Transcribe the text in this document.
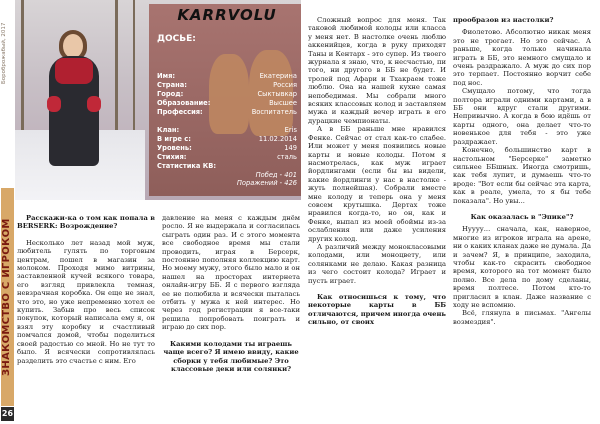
Бороброжабый, 2017
ЗНАКОМСТВО С ИГРОКОМ
26
KARRVOLU
ДОСЬЕ:
Имя:	Екатерина
Страна:	Россия
Город:	Сыктывкар
Образование:	Высшее
Профессия:	Воспитатель
Клан:	Eris
В игре с:	11.02.2014
Уровень:	149
Стихия:	сталь
Статистика КВ:
Побед - 401
Поражений - 426

Расскажи-ка о том как попала в BERSERK: Возрождение?

Несколько лет назад мой муж, любитель гулять по торговым центрам, пошел в магазин за молоком. Проходя мимо витрины, заставленной кучей всякого товара, его взгляд привлекла темная, невзрачная коробка. Он еще не знал, что это, но уже непременно хотел ее купить. Забыв про весь список покупок, который написала ему я, он взял эту коробку и счастливый помчался домой, чтобы поделиться своей радостью со мной. Но не тут то было. Я всячески сопротивлялась разделить это счастье с ним. Его

давление на меня с каждым днём росло. Я не выдержала и согласилась сыграть один раз. И с этого момента все свободное время мы стали проводить, играя в Берсерк, постоянно пополняя коллекцию карт. Но моему мужу, этого было мало и он нашел на просторах интернета онлайн-игру ББ. Я с первого взгляда ее не полюбила и всячески пыталась отбить у мужа к ней интерес. Но через год регистрации я все-таки решила попробовать поиграть и играю до сих пор.

Какими колодами ты играешь чаще всего? Я имею ввиду, какие сборки у тебя любимые? Это классовые деки или солянки?

Сложный вопрос для меня. Так таковой любимой колоды или класса у меня нет. В настолке очень люблю аккенийцев, когда в руку приходят Таны и Кентарх - это супер. Из твоего журнала я знаю, что, к несчастью, пи того, ни другого в ББ не будет. И тролей под Афари и Тхакраем тоже люблю. Она на нашей кухне самая непобедимая. Мы собрали много всяких классовых колод и заставляем мужа и каждый вечер играть в его дурацкие чемпионаты.

А в ББ раньше мне нравился Фенке. Сейчас от стал как-то слабее. Или может у меня появились новые карты и новые колоды. Потом я насмотрелась, как муж играет йордлингами (если бы вы видели, какие йордлинги у нас в настолке - жуть полнейшая). Собрали вместе мне колоду и теперь она у меня совсем крутышка. Дертах тоже нравился когда-то, но он, как и Фенке, выпал из моей обоймы из-за ослабления или даже усиления других колод.

А различий между монокласовыми колодами, или моноцвету, или солянками не делаю. Какая разница из чего состоит колода? Играет и пусть играет.

Как относишься к тому, что некоторые карты в ББ отличаются, причем иногда очень сильно, от своих

прообразов из настолки?

Фиолетово. Абсолютно никак меня это не трогает. Но это сейчас. А раньше, когда только начинала играть в ББ, это немного смущало и очень раздражало. А муж до сих пор это терпает. Постоянно ворчит себе под нос.

Смущало потому, что тогда полтора играли одними картами, а в ББ они вдруг стали другими. Непривычно. А когда в бою идёшь от карты одного, она делает что-то новенькое для тебя - это уже раздражает.

Конечно, большинство карт в настольном "Берсерке" заметно сильнее ББшных. Иногда смотришь, как тебя лупит, и думаешь что-то вроде: "Вот если бы сейчас эта карта, как в реале, умела, то я бы тебе показала". Но увы...

Как оказалась в "Эпике"?

Нуууу... сначала, как, наверное, многие из игроков играла на арене, ни о каких кланах даже не думала. Да и зачем? Я, в принципе, заходила, чтобы как-то скрасить свободное время, которого на тот момент было полно. Все дела по дому сделаны, время полтесе. Потом кто-то пригласил в клан. Даже название с ходу не вспомню.

Всё, глянула в письмах. "Ангелы возмездия".
